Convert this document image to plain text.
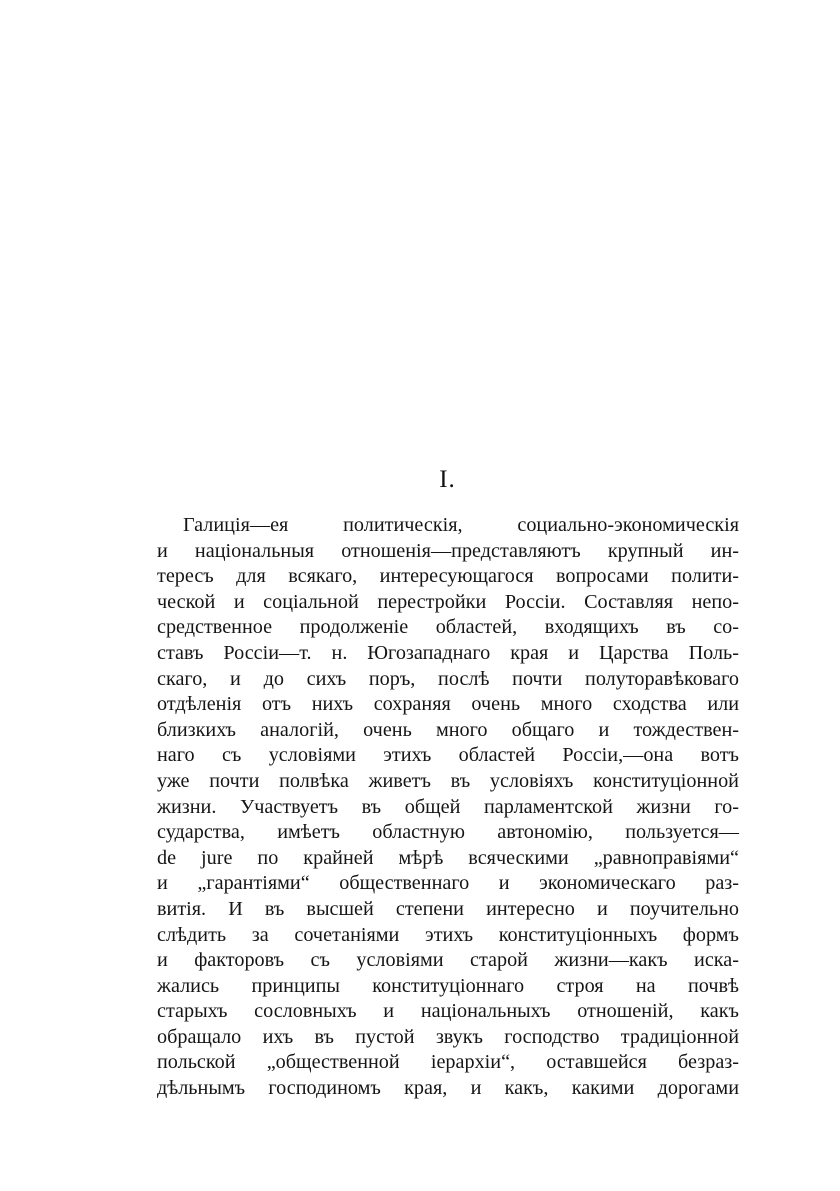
I.
Галиція—ея политическія, социально-экономическія
и національныя отношенія—представляютъ крупный ин-
тересъ для всякаго, интересующагося вопросами полити-
ческой и соціальной перестройки Россіи. Составляя непо-
средственное продолженіе областей, входящихъ въ со-
ставъ Россіи—т. н. Югозападнаго края и Царства Поль-
скаго, и до сихъ поръ, послѣ почти полуторавѣковаго
отдѣленія отъ нихъ сохраняя очень много сходства или
близкихъ аналогій, очень много общаго и тождествен-
наго съ условіями этихъ областей Россіи,—она вотъ
уже почти полвѣка живетъ въ условіяхъ конституціонной
жизни. Участвуетъ въ общей парламентской жизни го-
сударства, имѣетъ областную автономію, пользуется—
de jure по крайней мѣрѣ всяческими „равноправіями“
и „гарантіями“ общественнаго и экономическаго раз-
витія. И въ высшей степени интересно и поучительно
слѣдить за сочетаніями этихъ конституціонныхъ формъ
и факторовъ съ условіями старой жизни—какъ иска-
жались принципы конституціоннаго строя на почвѣ
старыхъ сословныхъ и національныхъ отношеній, какъ
обращало ихъ въ пустой звукъ господство традиціонной
польской „общественной іерархіи“, оставшейся безраз-
дѣльнымъ господиномъ края, и какъ, какими дорогами
